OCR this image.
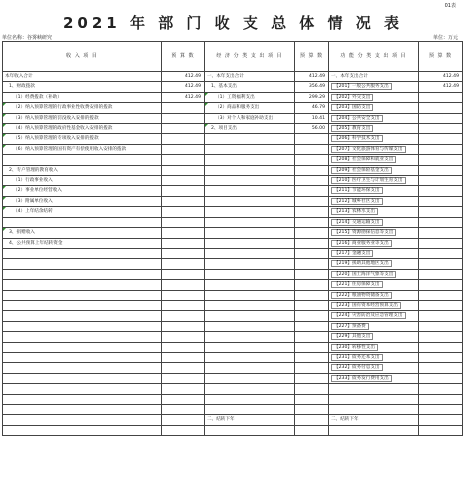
01表
2021 年 部 门 收 支 总 体 情 况 表
单位名称：谷雾峡研究	单位：万元
收 入 项 目	预 算 数	经 济 分 类 支 出 项 目	预 算 数	功 能 分 类 支 出 项 目	预 算 数
本年收入合计	412.49	一、本年支出合计	412.49	一、本年支出合计	412.49
1、财政拨款	412.49	1、基本支出	356.49	【201】一般公共服务支出	412.49
（1）经费拨款（补助）	412.49	（1）工资福利支出	299.29	【202】外交支出	
（2）纳入预算管理的行政事业性收费安排的拨款		（2）商品和服务支出	46.79	【203】国防支出	
（3）纳入预算管理的罚没收入安排的拨款		（3）对个人和家庭补助支出	10.41	【204】公共安全支出	
（4）纳入预算管理的政府性基金收入安排的拨款		2、项目支出	56.00	【205】教育支出	
（5）纳入预算管理的专项收入安排的拨款				【206】科学技术支出	
（6）纳入预算管理的国有资产有偿使用收入安排的拨款				【207】文化旅游体育与传媒支出	
				【208】社会保障和就业支出	
2、专户管理的教育收入				【209】社会保险基金支出	
（1）行政事业收入				【210】医疗卫生与计划生育支出	
（2）事业单位经营收入				【211】节能环保支出	
（3）附属单位收入				【212】城乡社区支出	
（4）上年结余结转				【213】农林水支出	
				【214】交通运输支出	
3、捐赠收入				【215】资源勘探信息等支出	
4、公共预算上年结转资金				【216】商业服务业等支出	
				【217】金融支出	
				【219】援助其他地区支出	
				【220】国土海洋气象等支出	
				【221】住房保障支出	
				【222】粮油物资储备支出	
				【223】国有资本经营预算支出	
				【224】灾害防治及应急管理支出	
				【227】预备费	
				【229】其他支出	
				【230】转移性支出	
				【231】债务还本支出	
				【232】债务付息支出	
				【233】债务发行费用支出	

		二、结转下年		二、结转下年	
